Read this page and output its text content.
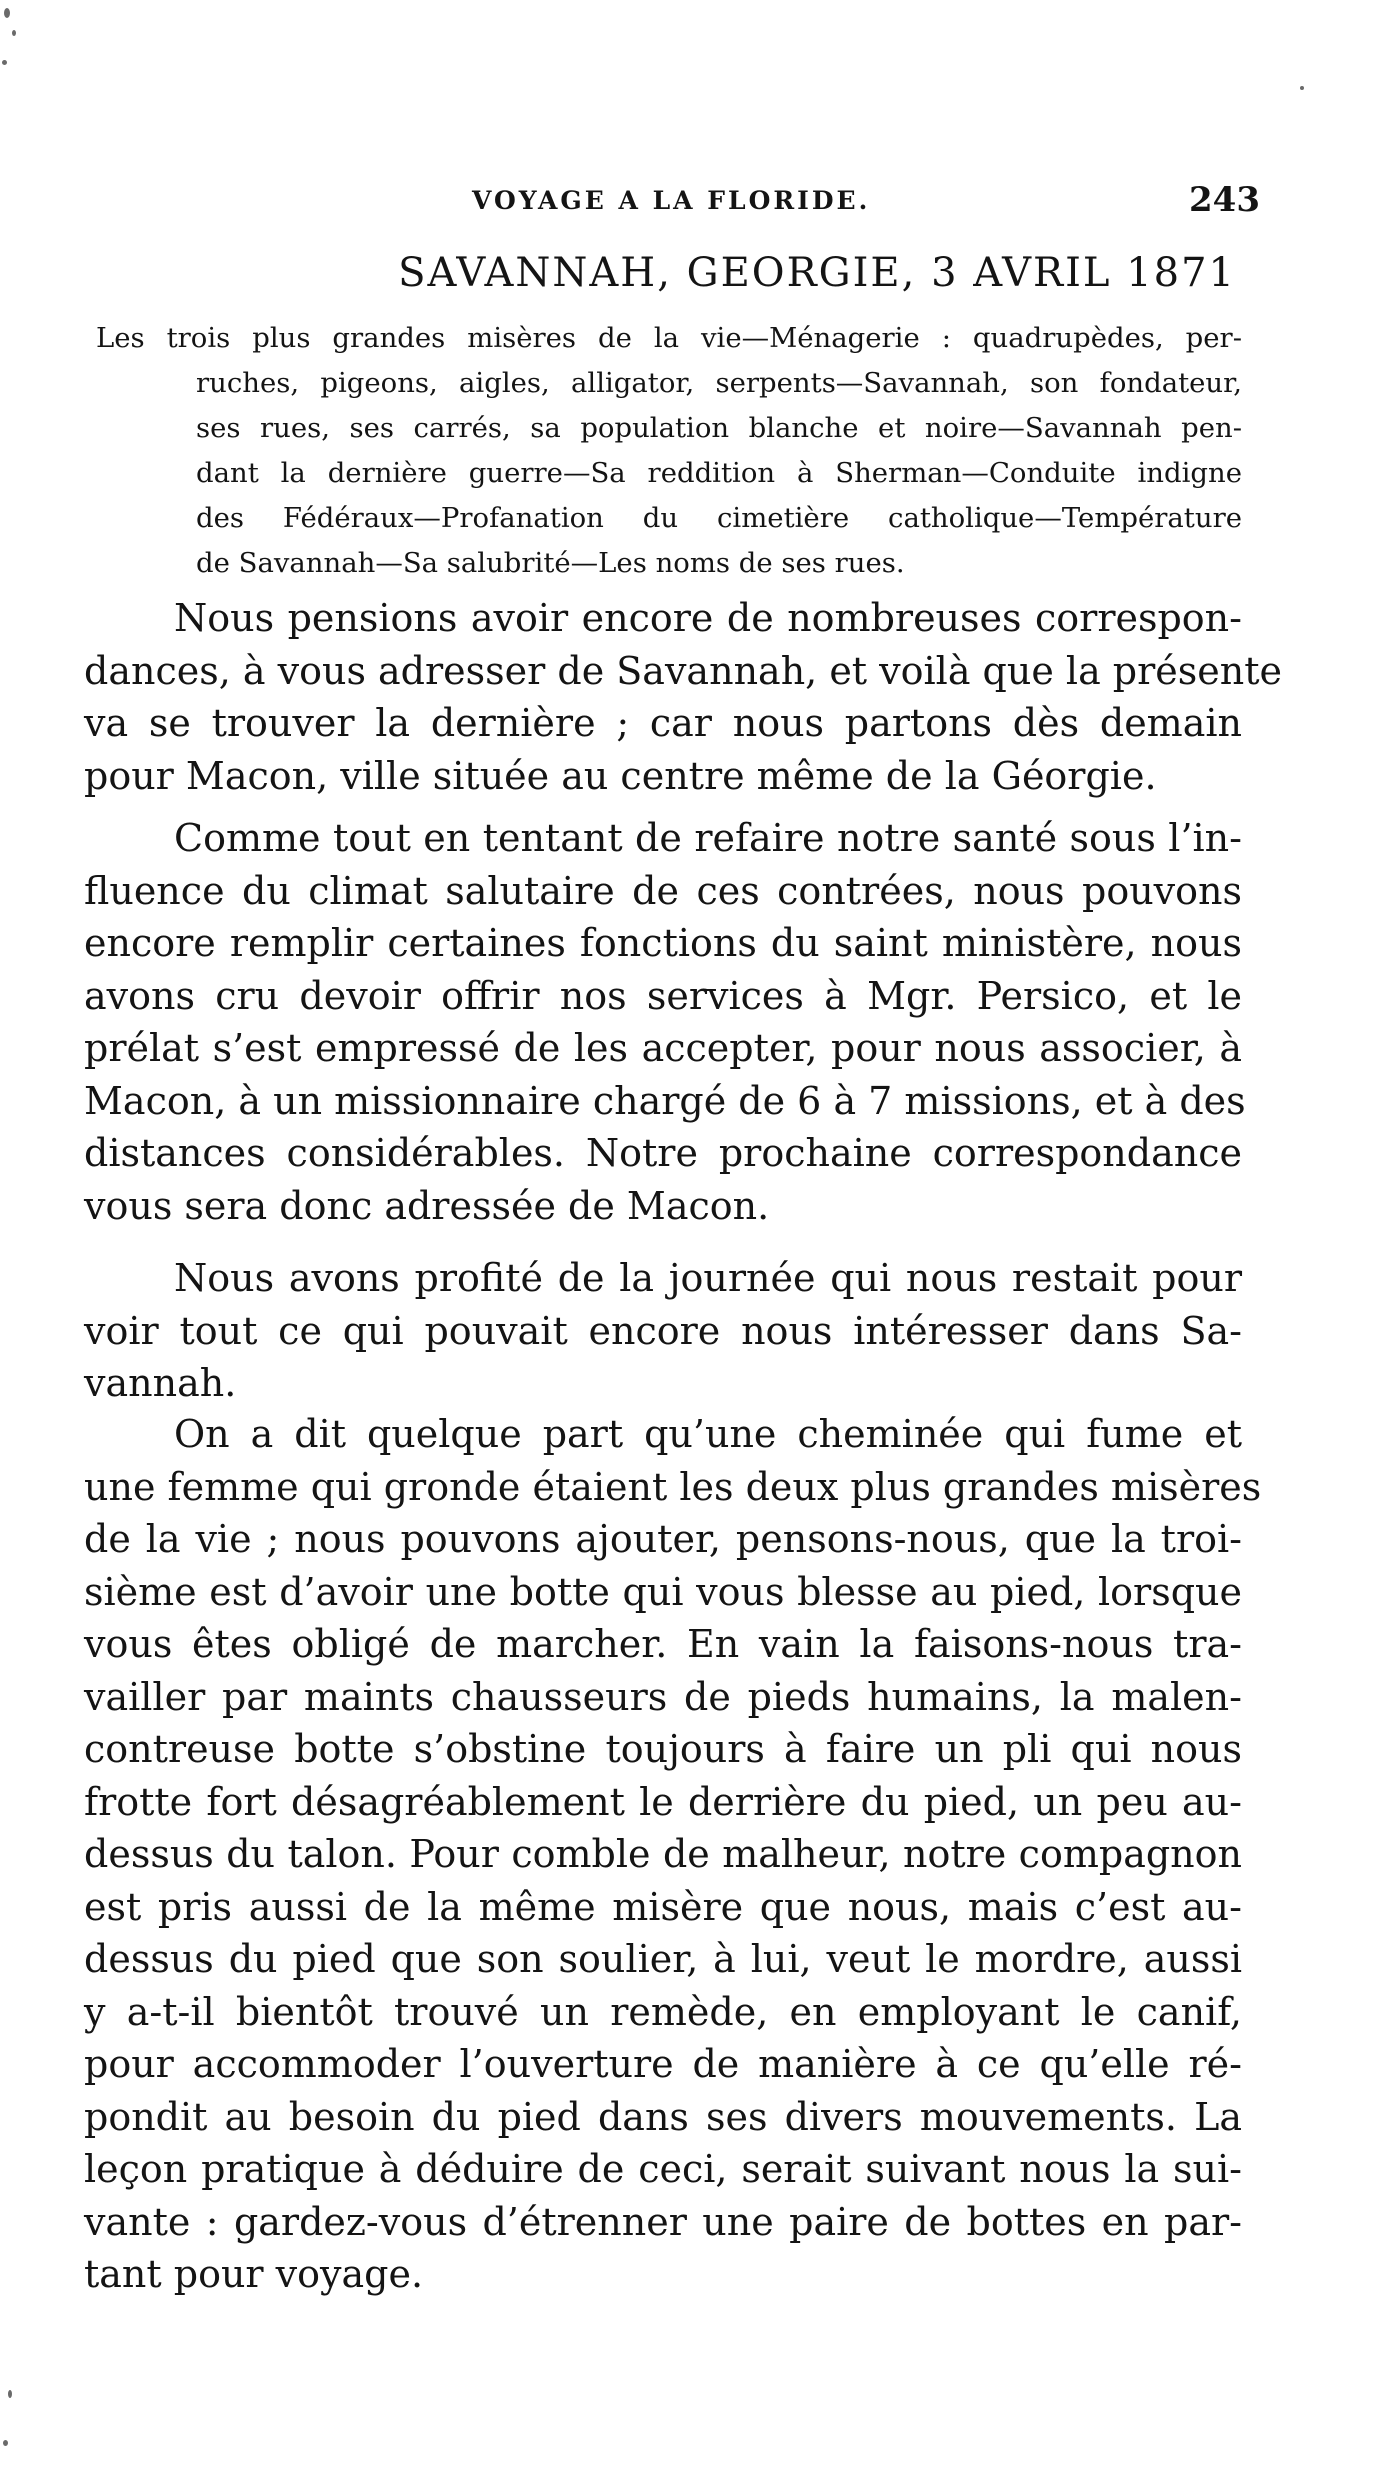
VOYAGE A LA FLORIDE.	243
SAVANNAH, GEORGIE, 3 AVRIL 1871
Les trois plus grandes misères de la vie—Ménagerie : quadrupèdes, per-
ruches, pigeons, aigles, alligator, serpents—Savannah, son fondateur,
ses rues, ses carrés, sa population blanche et noire—Savannah pen-
dant la dernière guerre—Sa reddition à Sherman—Conduite indigne
des Fédéraux—Profanation du cimetière catholique—Température
de Savannah—Sa salubrité—Les noms de ses rues.
Nous pensions avoir encore de nombreuses correspon-
dances, à vous adresser de Savannah, et voilà que la présente
va se trouver la dernière ; car nous partons dès demain
pour Macon, ville située au centre même de la Géorgie.
Comme tout en tentant de refaire notre santé sous l’in-
fluence du climat salutaire de ces contrées, nous pouvons
encore remplir certaines fonctions du saint ministère, nous
avons cru devoir offrir nos services à Mgr. Persico, et le
prélat s’est empressé de les accepter, pour nous associer, à
Macon, à un missionnaire chargé de 6 à 7 missions, et à des
distances considérables. Notre prochaine correspondance
vous sera donc adressée de Macon.
Nous avons profité de la journée qui nous restait pour
voir tout ce qui pouvait encore nous intéresser dans Sa-
vannah.
On a dit quelque part qu’une cheminée qui fume et
une femme qui gronde étaient les deux plus grandes misères
de la vie ; nous pouvons ajouter, pensons-nous, que la troi-
sième est d’avoir une botte qui vous blesse au pied, lorsque
vous êtes obligé de marcher. En vain la faisons-nous tra-
vailler par maints chausseurs de pieds humains, la malen-
contreuse botte s’obstine toujours à faire un pli qui nous
frotte fort désagréablement le derrière du pied, un peu au-
dessus du talon. Pour comble de malheur, notre compagnon
est pris aussi de la même misère que nous, mais c’est au-
dessus du pied que son soulier, à lui, veut le mordre, aussi
y a-t-il bientôt trouvé un remède, en employant le canif,
pour accommoder l’ouverture de manière à ce qu’elle ré-
pondit au besoin du pied dans ses divers mouvements. La
leçon pratique à déduire de ceci, serait suivant nous la sui-
vante : gardez-vous d’étrenner une paire de bottes en par-
tant pour voyage.
